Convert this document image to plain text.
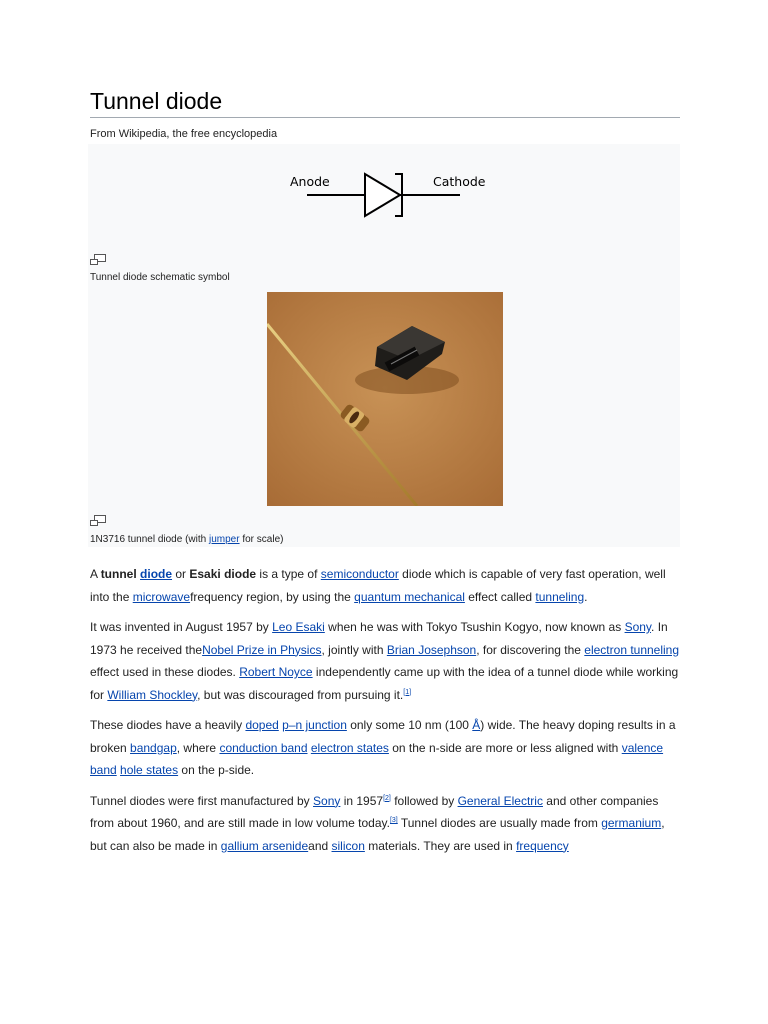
Tunnel diode
From Wikipedia, the free encyclopedia
Anode	Cathode
Tunnel diode schematic symbol
1N3716 tunnel diode (with jumper for scale)

A tunnel diode or Esaki diode is a type of semiconductor diode which is capable of very fast operation, well into the microwavefrequency region, by using the quantum mechanical effect called tunneling.

It was invented in August 1957 by Leo Esaki when he was with Tokyo Tsushin Kogyo, now known as Sony. In 1973 he received theNobel Prize in Physics, jointly with Brian Josephson, for discovering the electron tunneling effect used in these diodes. Robert Noyce independently came up with the idea of a tunnel diode while working for William Shockley, but was discouraged from pursuing it.[1]

These diodes have a heavily doped p–n junction only some 10 nm (100 Å) wide. The heavy doping results in a broken bandgap, where conduction band electron states on the n-side are more or less aligned with valence band hole states on the p-side.

Tunnel diodes were first manufactured by Sony in 1957[2] followed by General Electric and other companies from about 1960, and are still made in low volume today.[3] Tunnel diodes are usually made from germanium, but can also be made in gallium arsenideand silicon materials. They are used in frequency
